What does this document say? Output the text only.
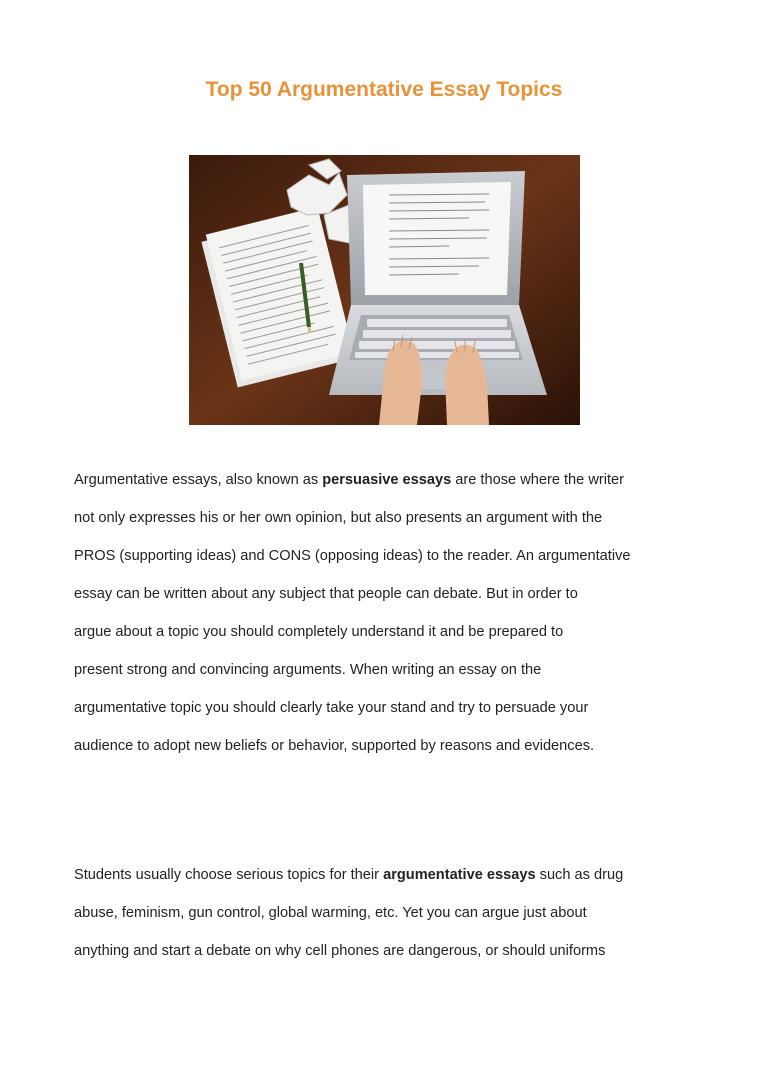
Top 50 Argumentative Essay Topics

Argumentative essays, also known as persuasive essays are those where the writer
not only expresses his or her own opinion, but also presents an argument with the
PROS (supporting ideas) and CONS (opposing ideas) to the reader. An argumentative
essay can be written about any subject that people can debate. But in order to
argue about a topic you should completely understand it and be prepared to
present strong and convincing arguments. When writing an essay on the
argumentative topic you should clearly take your stand and try to persuade your
audience to adopt new beliefs or behavior, supported by reasons and evidences.

Students usually choose serious topics for their argumentative essays such as drug
abuse, feminism, gun control, global warming, etc. Yet you can argue just about
anything and start a debate on why cell phones are dangerous, or should uniforms
